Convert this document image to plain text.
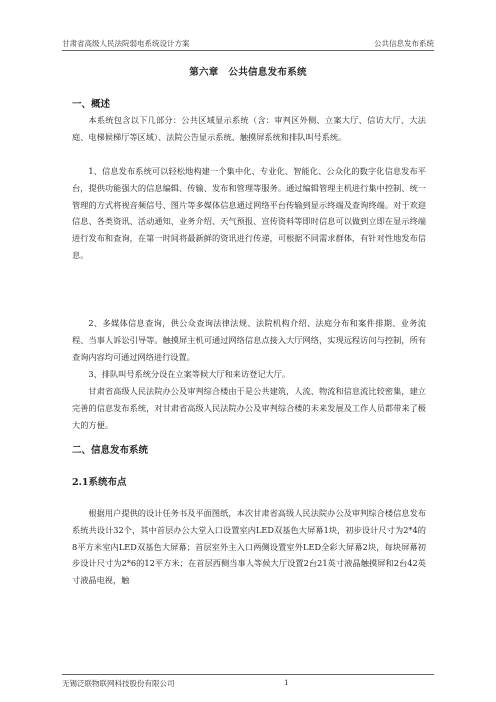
甘肃省高级人民法院弱电系统设计方案	公共信息发布系统
第六章　公共信息发布系统
一、概述

本系统包含以下几部分：公共区域显示系统（含：审判区外侧、立案大厅、信访大厅、大法庭、电梯候梯厅等区域）、法院公告显示系统、触摸屏系统和排队叫号系统。

1、信息发布系统可以轻松地构建一个集中化、专业化、智能化、公众化的数字化信息发布平台，提供功能强大的信息编辑、传输、发布和管理等服务。通过编辑管理主机进行集中控制、统一管理的方式将视音频信号、图片等多媒体信息通过网络平台传输到显示终端及查询终端。对于欢迎信息、各类资讯、活动通知、业务介绍、天气预报、宣传资料等即时信息可以做到立即在显示终端进行发布和查询，在第一时间将最新鲜的资讯进行传递，可根据不同需求群体，有针对性地发布信息。

2、多媒体信息查询，供公众查询法律法规、法院机构介绍、法庭分布和案件排期、业务流程、当事人诉讼引导等。触摸屏主机可通过网络信息点接入大厅网络，实现远程访问与控制，所有查询内容均可通过网络进行设置。

3、排队叫号系统分设在立案等候大厅和来访登记大厅。

甘肃省高级人民法院办公及审判综合楼由于是公共建筑，人流、物流和信息流比较密集，建立完善的信息发布系统，对甘肃省高级人民法院办公及审判综合楼的未来发展及工作人员都带来了极大的方便。

二、信息发布系统
2.1系统布点

根据用户提供的设计任务书及平面图纸，本次甘肃省高级人民法院办公及审判综合楼信息发布系统共设计32个，其中首层办公大堂入口设置室内LED双基色大屏幕1块，初步设计尺寸为2*4的8平方米室内LED双基色大屏幕；首层室外主入口两侧设置室外LED全彩大屏幕2块，每块屏幕初步设计尺寸为2*6的12平方米；在首层西侧当事人等候大厅设置2台21英寸液晶触摸屏和2台42英寸液晶电视，触

无锡泛联物联网科技股份有限公司	1
